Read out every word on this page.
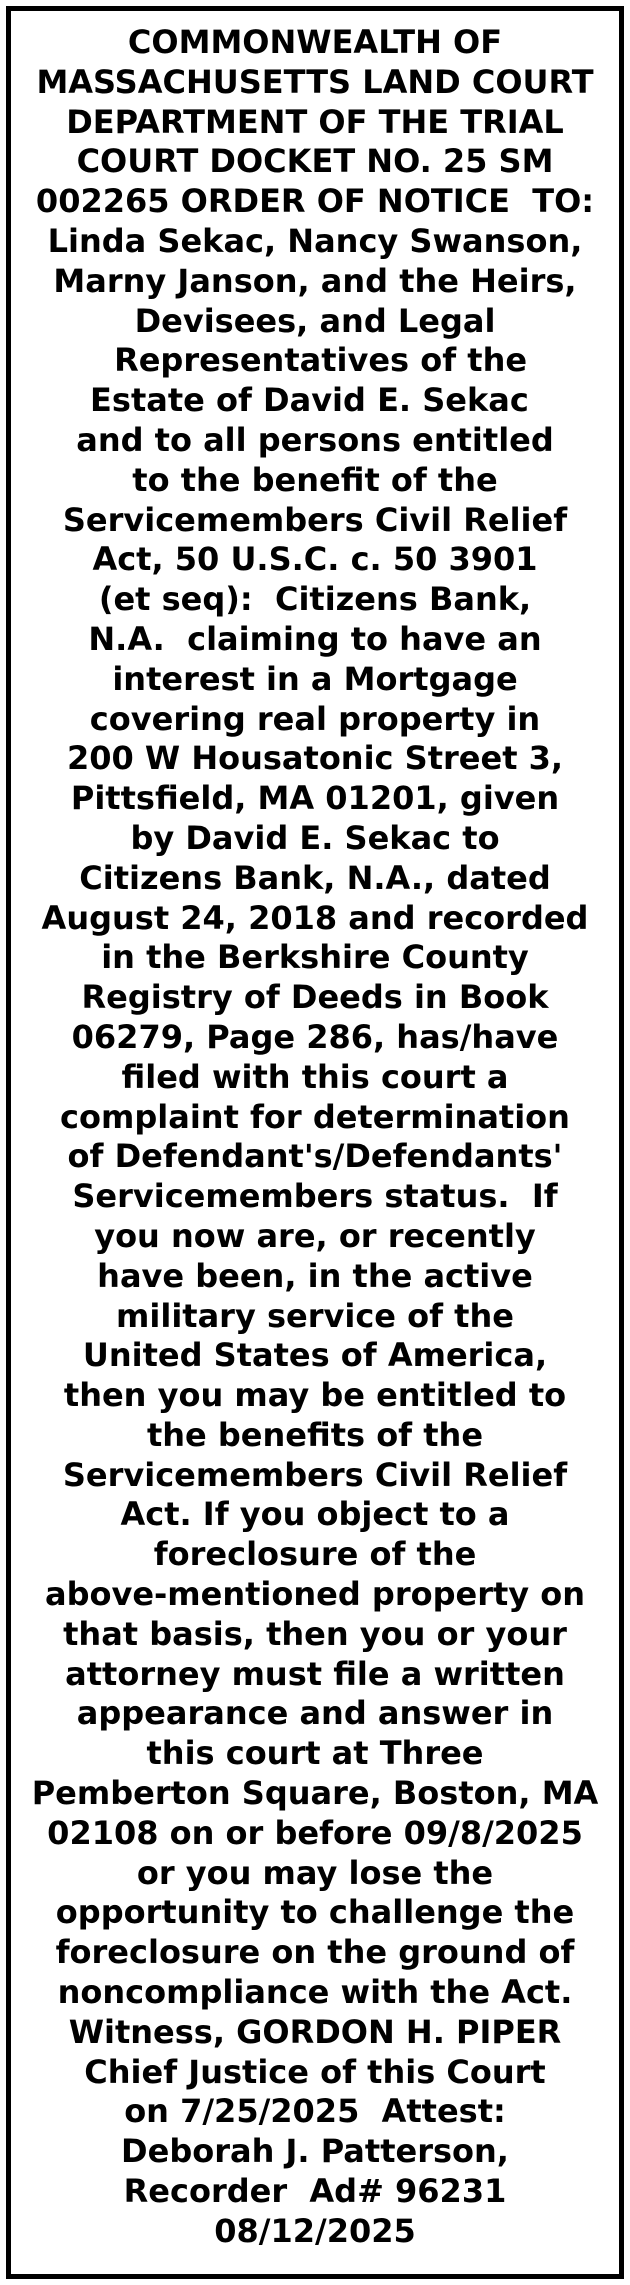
COMMONWEALTH OF
MASSACHUSETTS LAND COURT
DEPARTMENT OF THE TRIAL
COURT DOCKET NO. 25 SM
002265 ORDER OF NOTICE  TO:
Linda Sekac, Nancy Swanson,
Marny Janson, and the Heirs,
Devisees, and Legal
Representatives of the
Estate of David E. Sekac
and to all persons entitled
to the benefit of the
Servicemembers Civil Relief
Act, 50 U.S.C. c. 50 3901
(et seq):  Citizens Bank,
N.A.  claiming to have an
interest in a Mortgage
covering real property in
200 W Housatonic Street 3,
Pittsfield, MA 01201, given
by David E. Sekac to
Citizens Bank, N.A., dated
August 24, 2018 and recorded
in the Berkshire County
Registry of Deeds in Book
06279, Page 286, has/have
filed with this court a
complaint for determination
of Defendant's/Defendants'
Servicemembers status.  If
you now are, or recently
have been, in the active
military service of the
United States of America,
then you may be entitled to
the benefits of the
Servicemembers Civil Relief
Act. If you object to a
foreclosure of the
above-mentioned property on
that basis, then you or your
attorney must file a written
appearance and answer in
this court at Three
Pemberton Square, Boston, MA
02108 on or before 09/8/2025
or you may lose the
opportunity to challenge the
foreclosure on the ground of
noncompliance with the Act.
Witness, GORDON H. PIPER
Chief Justice of this Court
on 7/25/2025  Attest:
Deborah J. Patterson,
Recorder  Ad# 96231
08/12/2025
